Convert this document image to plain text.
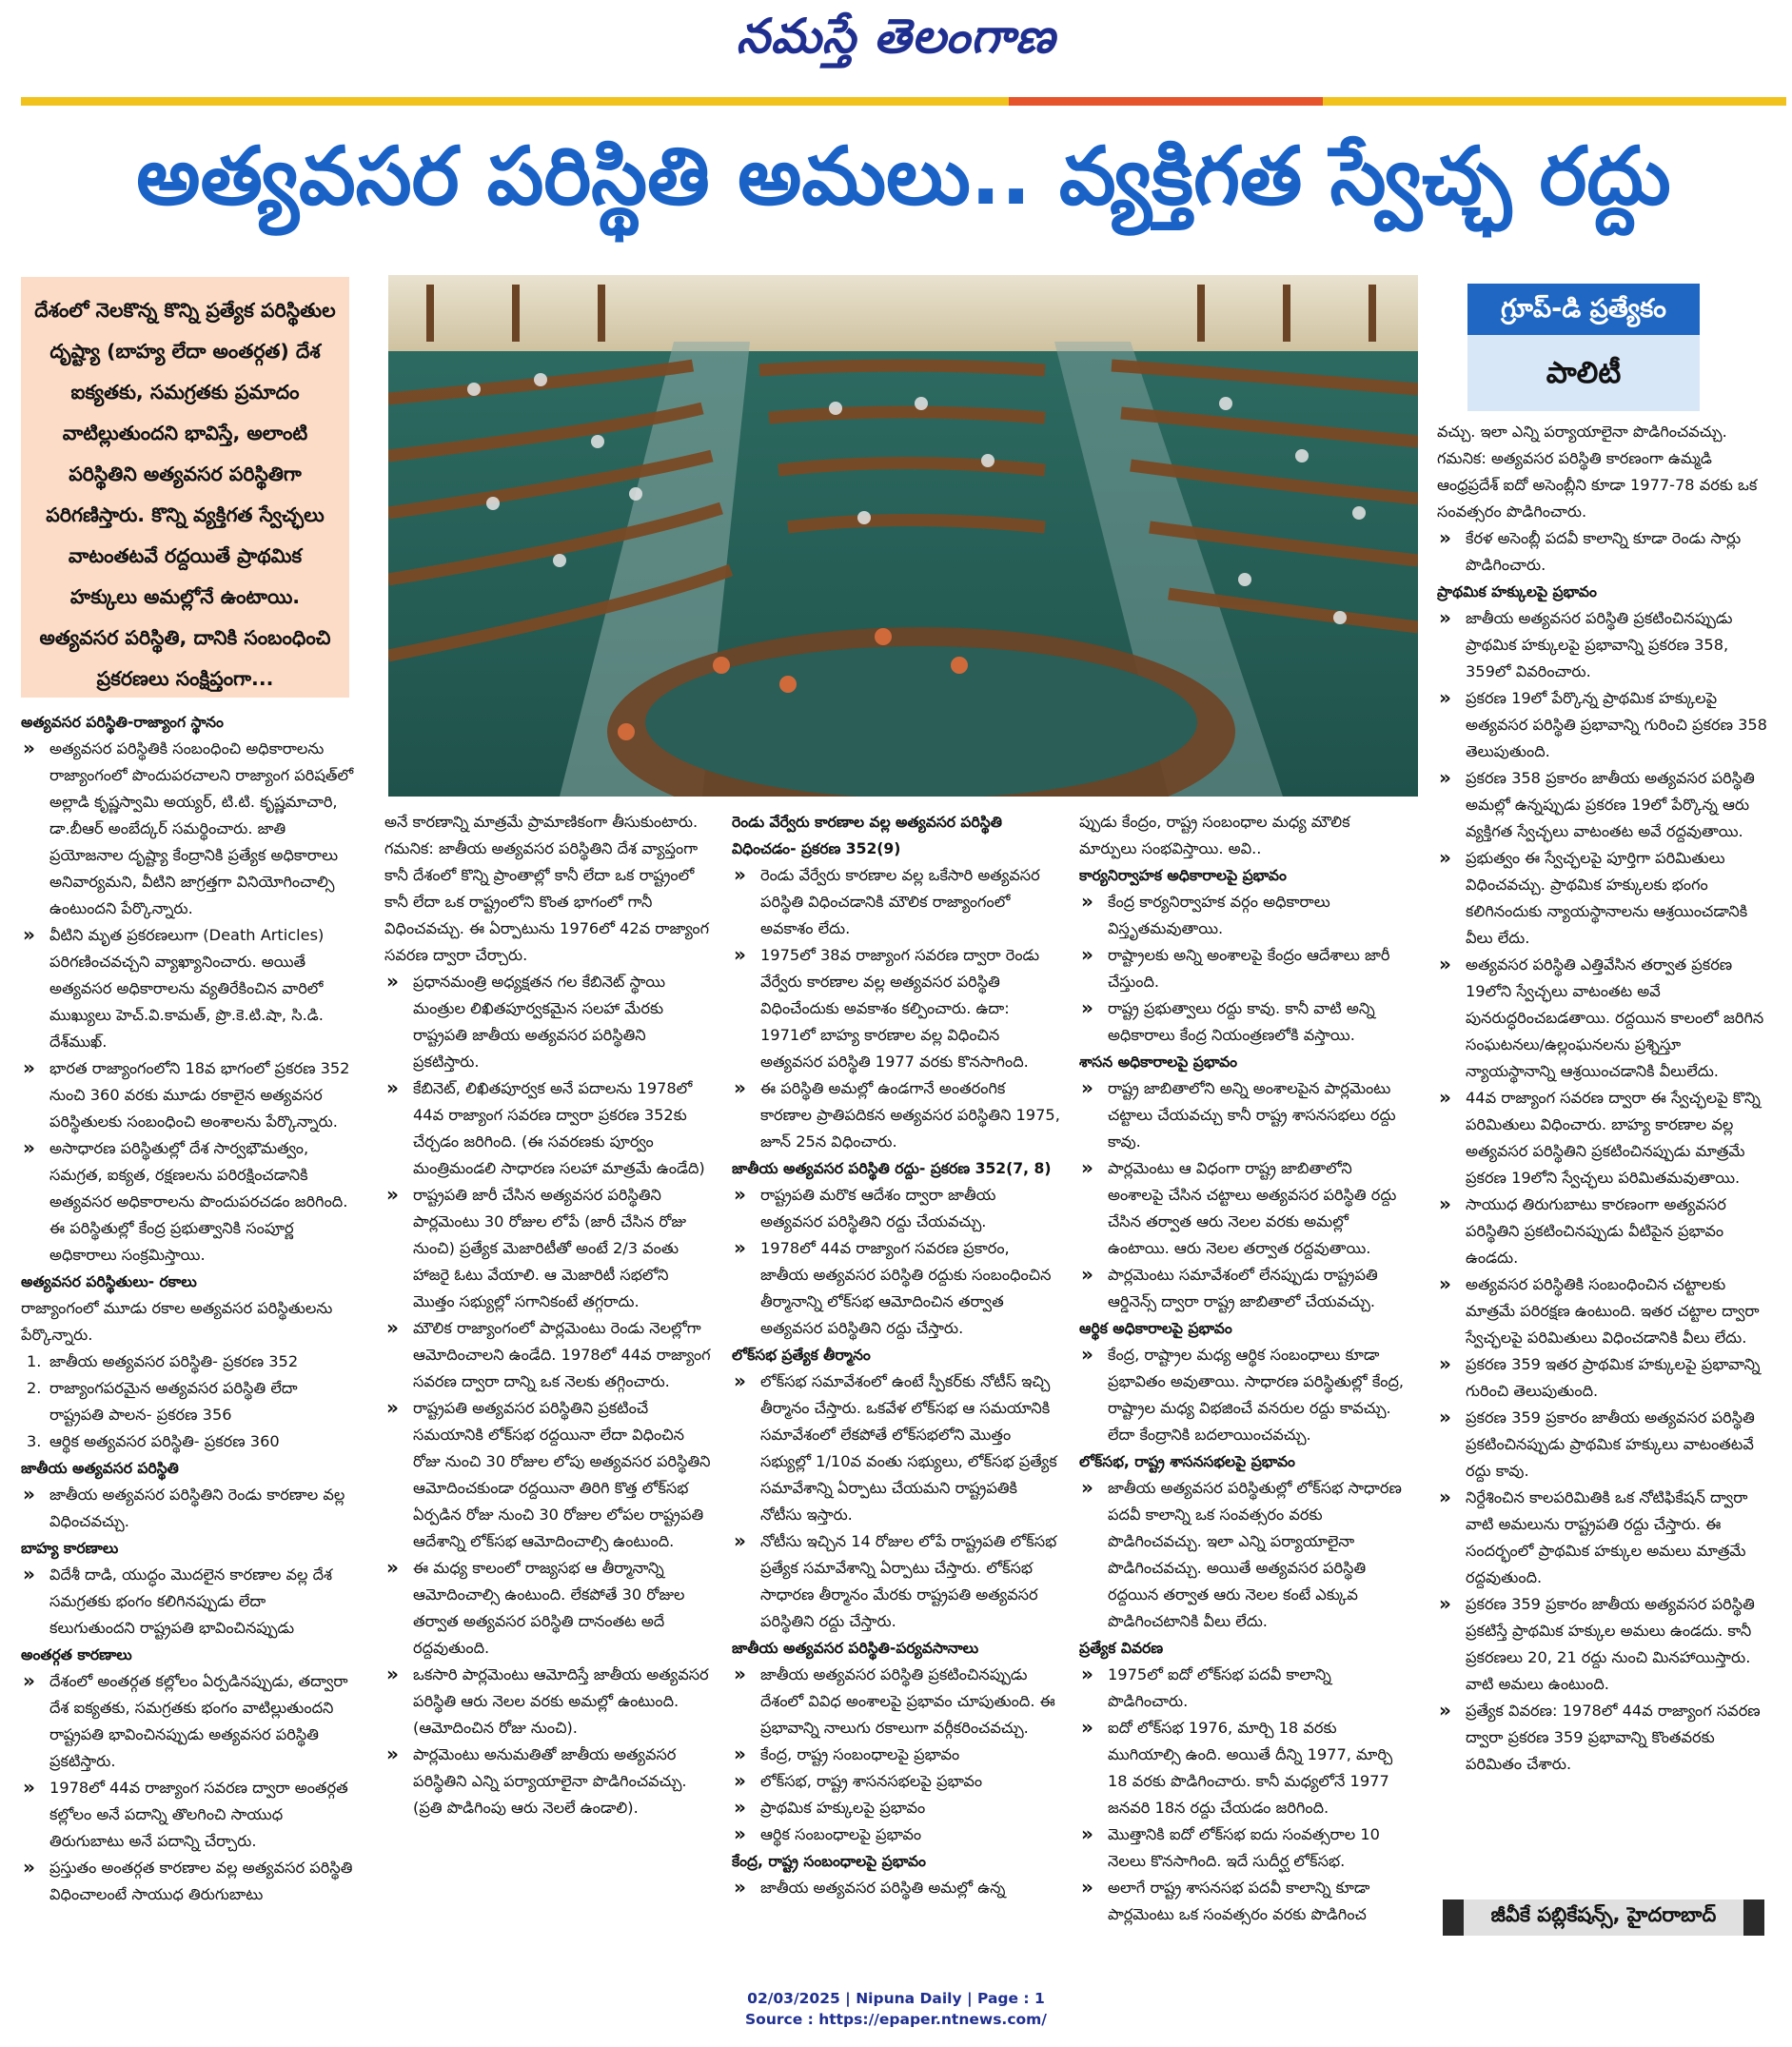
నమస్తే తెలంగాణ
అత్యవసర పరిస్థితి అమలు.. వ్యక్తిగత స్వేచ్ఛ రద్దు

దేశంలో నెలకొన్న కొన్ని ప్రత్యేక పరిస్థితుల దృష్ట్యా (బాహ్య లేదా అంతర్గత) దేశ ఐక్యతకు, సమగ్రతకు ప్రమాదం వాటిల్లుతుందని భావిస్తే, అలాంటి పరిస్థితిని అత్యవసర పరిస్థితిగా పరిగణిస్తారు. కొన్ని వ్యక్తిగత స్వేచ్ఛలు వాటంతటవే రద్దయితే ప్రాథమిక హక్కులు అమల్లోనే ఉంటాయి. అత్యవసర పరిస్థితి, దానికి సంబంధించి ప్రకరణలు సంక్షిప్తంగా...

గ్రూప్-డి ప్రత్యేకం
పాలిటీ
అత్యవసర పరిస్థితి-రాజ్యాంగ స్థానం
» అత్యవసర పరిస్థితికి సంబంధించి అధికారాలను రాజ్యాంగంలో పొందుపరచాలని రాజ్యాంగ పరిషత్‌లో అల్లాడి కృష్ణస్వామి అయ్యర్, టి.టి. కృష్ణమాచారి, డా.బీఆర్ అంబేద్కర్ సమర్థించారు. జాతి ప్రయోజనాల దృష్ట్యా కేంద్రానికి ప్రత్యేక అధికారాలు అనివార్యమని, వీటిని జాగ్రత్తగా వినియోగించాల్సి ఉంటుందని పేర్కొన్నారు.
» వీటిని మృత ప్రకరణలుగా (Death Articles) పరిగణించవచ్చని వ్యాఖ్యానించారు. అయితే అత్యవసర అధికారాలను వ్యతిరేకించిన వారిలో ముఖ్యులు హెచ్.వి.కామత్, ప్రొ.కె.టి.షా, సి.డి. దేశ్‌ముఖ్.
» భారత రాజ్యాంగంలోని 18వ భాగంలో ప్రకరణ 352 నుంచి 360 వరకు మూడు రకాలైన అత్యవసర పరిస్థితులకు సంబంధించి అంశాలను పేర్కొన్నారు.
» అసాధారణ పరిస్థితుల్లో దేశ సార్వభౌమత్వం, సమగ్రత, ఐక్యత, రక్షణలను పరిరక్షించడానికి అత్యవసర అధికారాలను పొందుపరచడం జరిగింది. ఈ పరిస్థితుల్లో కేంద్ర ప్రభుత్వానికి సంపూర్ణ అధికారాలు సంక్రమిస్తాయి.
అత్యవసర పరిస్థితులు- రకాలు
రాజ్యాంగంలో మూడు రకాల అత్యవసర పరిస్థితులను పేర్కొన్నారు.
1. జాతీయ అత్యవసర పరిస్థితి- ప్రకరణ 352
2. రాజ్యాంగపరమైన అత్యవసర పరిస్థితి లేదా రాష్ట్రపతి పాలన- ప్రకరణ 356
3. ఆర్థిక అత్యవసర పరిస్థితి- ప్రకరణ 360
జాతీయ అత్యవసర పరిస్థితి
» జాతీయ అత్యవసర పరిస్థితిని రెండు కారణాల వల్ల విధించవచ్చు.
బాహ్య కారణాలు
» విదేశీ దాడి, యుద్ధం మొదలైన కారణాల వల్ల దేశ సమగ్రతకు భంగం కలిగినప్పుడు లేదా కలుగుతుందని రాష్ట్రపతి భావించినప్పుడు
అంతర్గత కారణాలు
» దేశంలో అంతర్గత కల్లోలం ఏర్పడినప్పుడు, తద్వారా దేశ ఐక్యతకు, సమగ్రతకు భంగం వాటిల్లుతుందని రాష్ట్రపతి భావించినప్పుడు అత్యవసర పరిస్థితి ప్రకటిస్తారు.
» 1978లో 44వ రాజ్యాంగ సవరణ ద్వారా అంతర్గత కల్లోలం అనే పదాన్ని తొలగించి సాయుధ తిరుగుబాటు అనే పదాన్ని చేర్చారు.
» ప్రస్తుతం అంతర్గత కారణాల వల్ల అత్యవసర పరిస్థితి విధించాలంటే సాయుధ తిరుగుబాటు
అనే కారణాన్ని మాత్రమే ప్రామాణికంగా తీసుకుంటారు.
గమనిక: జాతీయ అత్యవసర పరిస్థితిని దేశ వ్యాప్తంగా కానీ దేశంలో కొన్ని ప్రాంతాల్లో కానీ లేదా ఒక రాష్ట్రంలో కానీ లేదా ఒక రాష్ట్రంలోని కొంత భాగంలో గానీ విధించవచ్చు. ఈ ఏర్పాటును 1976లో 42వ రాజ్యాంగ సవరణ ద్వారా చేర్చారు.
» ప్రధానమంత్రి అధ్యక్షతన గల కేబినెట్ స్థాయి మంత్రుల లిఖితపూర్వకమైన సలహా మేరకు రాష్ట్రపతి జాతీయ అత్యవసర పరిస్థితిని ప్రకటిస్తారు.
» కేబినెట్, లిఖితపూర్వక అనే పదాలను 1978లో 44వ రాజ్యాంగ సవరణ ద్వారా ప్రకరణ 352కు చేర్చడం జరిగింది. (ఈ సవరణకు పూర్వం మంత్రిమండలి సాధారణ సలహా మాత్రమే ఉండేది)
» రాష్ట్రపతి జారీ చేసిన అత్యవసర పరిస్థితిని పార్లమెంటు 30 రోజుల లోపే (జారీ చేసిన రోజు నుంచి) ప్రత్యేక మెజారిటీతో అంటే 2/3 వంతు హాజరై ఓటు వేయాలి. ఆ మెజారిటీ సభలోని మొత్తం సభ్యుల్లో సగానికంటే తగ్గరాదు.
» మౌలిక రాజ్యాంగంలో పార్లమెంటు రెండు నెలల్లోగా ఆమోదించాలని ఉండేది. 1978లో 44వ రాజ్యాంగ సవరణ ద్వారా దాన్ని ఒక నెలకు తగ్గించారు.
» రాష్ట్రపతి అత్యవసర పరిస్థితిని ప్రకటించే సమయానికి లోక్‌సభ రద్దయినా లేదా విధించిన రోజు నుంచి 30 రోజుల లోపు అత్యవసర పరిస్థితిని ఆమోదించకుండా రద్దయినా తిరిగి కొత్త లోక్‌సభ ఏర్పడిన రోజు నుంచి 30 రోజుల లోపల రాష్ట్రపతి ఆదేశాన్ని లోక్‌సభ ఆమోదించాల్సి ఉంటుంది.
» ఈ మధ్య కాలంలో రాజ్యసభ ఆ తీర్మానాన్ని ఆమోదించాల్సి ఉంటుంది. లేకపోతే 30 రోజుల తర్వాత అత్యవసర పరిస్థితి దానంతట అదే రద్దవుతుంది.
» ఒకసారి పార్లమెంటు ఆమోదిస్తే జాతీయ అత్యవసర పరిస్థితి ఆరు నెలల వరకు అమల్లో ఉంటుంది. (ఆమోదించిన రోజు నుంచి).
» పార్లమెంటు అనుమతితో జాతీయ అత్యవసర పరిస్థితిని ఎన్ని పర్యాయాలైనా పొడిగించవచ్చు. (ప్రతి పొడిగింపు ఆరు నెలలే ఉండాలి).
రెండు వేర్వేరు కారణాల వల్ల అత్యవసర పరిస్థితి విధించడం- ప్రకరణ 352(9)
» రెండు వేర్వేరు కారణాల వల్ల ఒకేసారి అత్యవసర పరిస్థితి విధించడానికి మౌలిక రాజ్యాంగంలో అవకాశం లేదు.
» 1975లో 38వ రాజ్యాంగ సవరణ ద్వారా రెండు వేర్వేరు కారణాల వల్ల అత్యవసర పరిస్థితి విధించేందుకు అవకాశం కల్పించారు. ఉదా: 1971లో బాహ్య కారణాల వల్ల విధించిన అత్యవసర పరిస్థితి 1977 వరకు కొనసాగింది.
» ఈ పరిస్థితి అమల్లో ఉండగానే అంతరంగిక కారణాల ప్రాతిపదికన అత్యవసర పరిస్థితిని 1975, జూన్ 25న విధించారు.
జాతీయ అత్యవసర పరిస్థితి రద్దు- ప్రకరణ 352(7, 8)
» రాష్ట్రపతి మరొక ఆదేశం ద్వారా జాతీయ అత్యవసర పరిస్థితిని రద్దు చేయవచ్చు.
» 1978లో 44వ రాజ్యాంగ సవరణ ప్రకారం, జాతీయ అత్యవసర పరిస్థితి రద్దుకు సంబంధించిన తీర్మానాన్ని లోక్‌సభ ఆమోదించిన తర్వాత అత్యవసర పరిస్థితిని రద్దు చేస్తారు.
లోక్‌సభ ప్రత్యేక తీర్మానం
» లోక్‌సభ సమావేశంలో ఉంటే స్పీకర్‌కు నోటీస్ ఇచ్చి తీర్మానం చేస్తారు. ఒకవేళ లోక్‌సభ ఆ సమయానికి సమావేశంలో లేకపోతే లోక్‌సభలోని మొత్తం సభ్యుల్లో 1/10వ వంతు సభ్యులు, లోక్‌సభ ప్రత్యేక సమావేశాన్ని ఏర్పాటు చేయమని రాష్ట్రపతికి నోటీసు ఇస్తారు.
» నోటీసు ఇచ్చిన 14 రోజుల లోపే రాష్ట్రపతి లోక్‌సభ ప్రత్యేక సమావేశాన్ని ఏర్పాటు చేస్తారు. లోక్‌సభ సాధారణ తీర్మానం మేరకు రాష్ట్రపతి అత్యవసర పరిస్థితిని రద్దు చేస్తారు.
జాతీయ అత్యవసర పరిస్థితి-పర్యవసానాలు
» జాతీయ అత్యవసర పరిస్థితి ప్రకటించినప్పుడు దేశంలో వివిధ అంశాలపై ప్రభావం చూపుతుంది. ఈ ప్రభావాన్ని నాలుగు రకాలుగా వర్గీకరించవచ్చు.
» కేంద్ర, రాష్ట్ర సంబంధాలపై ప్రభావం
» లోక్‌సభ, రాష్ట్ర శాసనసభలపై ప్రభావం
» ప్రాథమిక హక్కులపై ప్రభావం
» ఆర్థిక సంబంధాలపై ప్రభావం
కేంద్ర, రాష్ట్ర సంబంధాలపై ప్రభావం
» జాతీయ అత్యవసర పరిస్థితి అమల్లో ఉన్న
ప్పుడు కేంద్రం, రాష్ట్ర సంబంధాల మధ్య మౌలిక మార్పులు సంభవిస్తాయి. అవి..
కార్యనిర్వాహక అధికారాలపై ప్రభావం
» కేంద్ర కార్యనిర్వాహక వర్గం అధికారాలు విస్తృతమవుతాయి.
» రాష్ట్రాలకు అన్ని అంశాలపై కేంద్రం ఆదేశాలు జారీ చేస్తుంది.
» రాష్ట్ర ప్రభుత్వాలు రద్దు కావు. కానీ వాటి అన్ని అధికారాలు కేంద్ర నియంత్రణలోకి వస్తాయి.
శాసన అధికారాలపై ప్రభావం
» రాష్ట్ర జాబితాలోని అన్ని అంశాలపైన పార్లమెంటు చట్టాలు చేయవచ్చు కానీ రాష్ట్ర శాసనసభలు రద్దు కావు.
» పార్లమెంటు ఆ విధంగా రాష్ట్ర జాబితాలోని అంశాలపై చేసిన చట్టాలు అత్యవసర పరిస్థితి రద్దు చేసిన తర్వాత ఆరు నెలల వరకు అమల్లో ఉంటాయి. ఆరు నెలల తర్వాత రద్దవుతాయి.
» పార్లమెంటు సమావేశంలో లేనప్పుడు రాష్ట్రపతి ఆర్డినెన్స్ ద్వారా రాష్ట్ర జాబితాలో చేయవచ్చు.
ఆర్థిక అధికారాలపై ప్రభావం
» కేంద్ర, రాష్ట్రాల మధ్య ఆర్థిక సంబంధాలు కూడా ప్రభావితం అవుతాయి. సాధారణ పరిస్థితుల్లో కేంద్ర, రాష్ట్రాల మధ్య విభజించే వనరుల రద్దు కావచ్చు. లేదా కేంద్రానికి బదలాయించవచ్చు.
లోక్‌సభ, రాష్ట్ర శాసనసభలపై ప్రభావం
» జాతీయ అత్యవసర పరిస్థితుల్లో లోక్‌సభ సాధారణ పదవీ కాలాన్ని ఒక సంవత్సరం వరకు పొడిగించవచ్చు. ఇలా ఎన్ని పర్యాయాలైనా పొడిగించవచ్చు. అయితే అత్యవసర పరిస్థితి రద్దయిన తర్వాత ఆరు నెలల కంటే ఎక్కువ పొడిగించటానికి వీలు లేదు.
ప్రత్యేక వివరణ
» 1975లో ఐదో లోక్‌సభ పదవీ కాలాన్ని పొడిగించారు.
» ఐదో లోక్‌సభ 1976, మార్చి 18 వరకు ముగియాల్సి ఉంది. అయితే దీన్ని 1977, మార్చి 18 వరకు పొడిగించారు. కానీ మధ్యలోనే 1977 జనవరి 18న రద్దు చేయడం జరిగింది.
» మొత్తానికి ఐదో లోక్‌సభ ఐదు సంవత్సరాల 10 నెలలు కొనసాగింది. ఇదే సుదీర్ఘ లోక్‌సభ.
» అలాగే రాష్ట్ర శాసనసభ పదవీ కాలాన్ని కూడా పార్లమెంటు ఒక సంవత్సరం వరకు పొడిగించ
వచ్చు. ఇలా ఎన్ని పర్యాయాలైనా పొడిగించవచ్చు.
గమనిక: అత్యవసర పరిస్థితి కారణంగా ఉమ్మడి ఆంధ్రప్రదేశ్ ఐదో అసెంబ్లీని కూడా 1977-78 వరకు ఒక సంవత్సరం పొడిగించారు.
» కేరళ అసెంబ్లీ పదవీ కాలాన్ని కూడా రెండు సార్లు పొడిగించారు.
ప్రాథమిక హక్కులపై ప్రభావం
» జాతీయ అత్యవసర పరిస్థితి ప్రకటించినప్పుడు ప్రాథమిక హక్కులపై ప్రభావాన్ని ప్రకరణ 358, 359లో వివరించారు.
» ప్రకరణ 19లో పేర్కొన్న ప్రాథమిక హక్కులపై అత్యవసర పరిస్థితి ప్రభావాన్ని గురించి ప్రకరణ 358 తెలుపుతుంది.
» ప్రకరణ 358 ప్రకారం జాతీయ అత్యవసర పరిస్థితి అమల్లో ఉన్నప్పుడు ప్రకరణ 19లో పేర్కొన్న ఆరు వ్యక్తిగత స్వేచ్ఛలు వాటంతట అవే రద్దవుతాయి.
» ప్రభుత్వం ఈ స్వేచ్ఛలపై పూర్తిగా పరిమితులు విధించవచ్చు. ప్రాథమిక హక్కులకు భంగం కలిగినందుకు న్యాయస్థానాలను ఆశ్రయించడానికి వీలు లేదు.
» అత్యవసర పరిస్థితి ఎత్తివేసిన తర్వాత ప్రకరణ 19లోని స్వేచ్ఛలు వాటంతట అవే పునరుద్ధరించబడతాయి. రద్దయిన కాలంలో జరిగిన సంఘటనలు/ఉల్లంఘనలను ప్రశ్నిస్తూ న్యాయస్థానాన్ని ఆశ్రయించడానికి వీలులేదు.
» 44వ రాజ్యాంగ సవరణ ద్వారా ఈ స్వేచ్ఛలపై కొన్ని పరిమితులు విధించారు. బాహ్య కారణాల వల్ల అత్యవసర పరిస్థితిని ప్రకటించినప్పుడు మాత్రమే ప్రకరణ 19లోని స్వేచ్ఛలు పరిమితమవుతాయి.
» సాయుధ తిరుగుబాటు కారణంగా అత్యవసర పరిస్థితిని ప్రకటించినప్పుడు వీటిపైన ప్రభావం ఉండదు.
» అత్యవసర పరిస్థితికి సంబంధించిన చట్టాలకు మాత్రమే పరిరక్షణ ఉంటుంది. ఇతర చట్టాల ద్వారా స్వేచ్ఛలపై పరిమితులు విధించడానికి వీలు లేదు.
» ప్రకరణ 359 ఇతర ప్రాథమిక హక్కులపై ప్రభావాన్ని గురించి తెలుపుతుంది.
» ప్రకరణ 359 ప్రకారం జాతీయ అత్యవసర పరిస్థితి ప్రకటించినప్పుడు ప్రాథమిక హక్కులు వాటంతటవే రద్దు కావు.
» నిర్దేశించిన కాలపరిమితికి ఒక నోటిఫికేషన్ ద్వారా వాటి అమలును రాష్ట్రపతి రద్దు చేస్తారు. ఈ సందర్భంలో ప్రాథమిక హక్కుల అమలు మాత్రమే రద్దవుతుంది.
» ప్రకరణ 359 ప్రకారం జాతీయ అత్యవసర పరిస్థితి ప్రకటిస్తే ప్రాథమిక హక్కుల అమలు ఉండదు. కానీ ప్రకరణలు 20, 21 రద్దు నుంచి మినహాయిస్తారు. వాటి అమలు ఉంటుంది.
» ప్రత్యేక వివరణ: 1978లో 44వ రాజ్యాంగ సవరణ ద్వారా ప్రకరణ 359 ప్రభావాన్ని కొంతవరకు పరిమితం చేశారు.
జీవీకే పబ్లికేషన్స్, హైదరాబాద్
02/03/2025 | Nipuna Daily | Page : 1
Source : https://epaper.ntnews.com/
